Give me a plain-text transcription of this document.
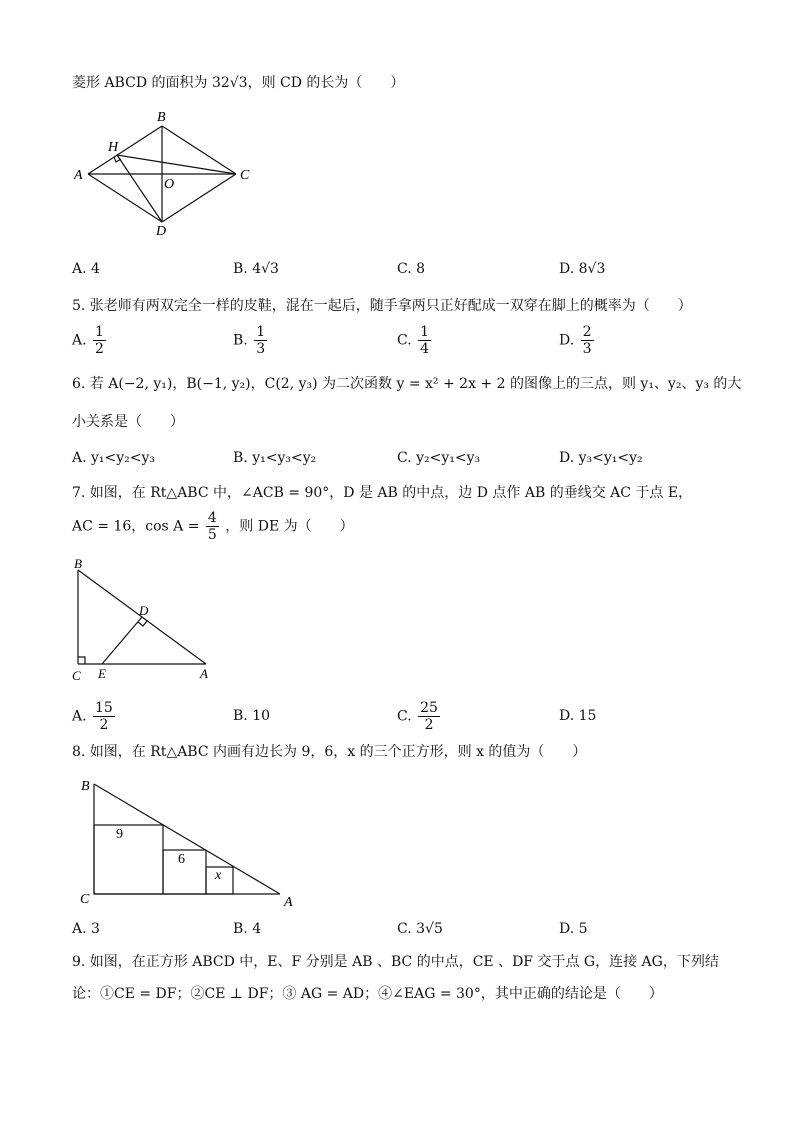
菱形 ABCD 的面积为 32√3，则 CD 的长为（　　）
A
B
C
D
O
H
A. 4	B. 4√3	C. 8	D. 8√3
5. 张老师有两双完全一样的皮鞋，混在一起后，随手拿两只正好配成一双穿在脚上的概率为（　　）
A. $\frac{1}{2}$	B. $\frac{1}{3}$	C. $\frac{1}{4}$	D. $\frac{2}{3}$
6. 若 A(−2, y₁)，B(−1, y₂)，C(2, y₃) 为二次函数 y = x² + 2x + 2 的图像上的三点，则 y₁、y₂、y₃ 的大
小关系是（　　）
A. y₁<y₂<y₃	B. y₁<y₃<y₂	C. y₂<y₁<y₃	D. y₃<y₁<y₂
7. 如图，在 Rt△ABC 中，∠ACB = 90°，D 是 AB 的中点，边 D 点作 AB 的垂线交 AC 于点 E，
AC = 16，$\cos A = \frac{4}{5}$ ，则 DE 为（　　）
B
D
C E	A
A. $\frac{15}{2}$	B. 10	C. $\frac{25}{2}$	D. 15
8. 如图，在 Rt△ABC 内画有边长为 9，6，x 的三个正方形，则 x 的值为（　　）
B
C	A
9
6
x
A. 3	B. 4	C. 3√5	D. 5
9. 如图，在正方形 ABCD 中，E、F 分别是 AB 、BC 的中点，CE 、DF 交于点 G，连接 AG，下列结
论：①CE = DF；②CE ⊥ DF；③ AG = AD；④∠EAG = 30°，其中正确的结论是（　　）
